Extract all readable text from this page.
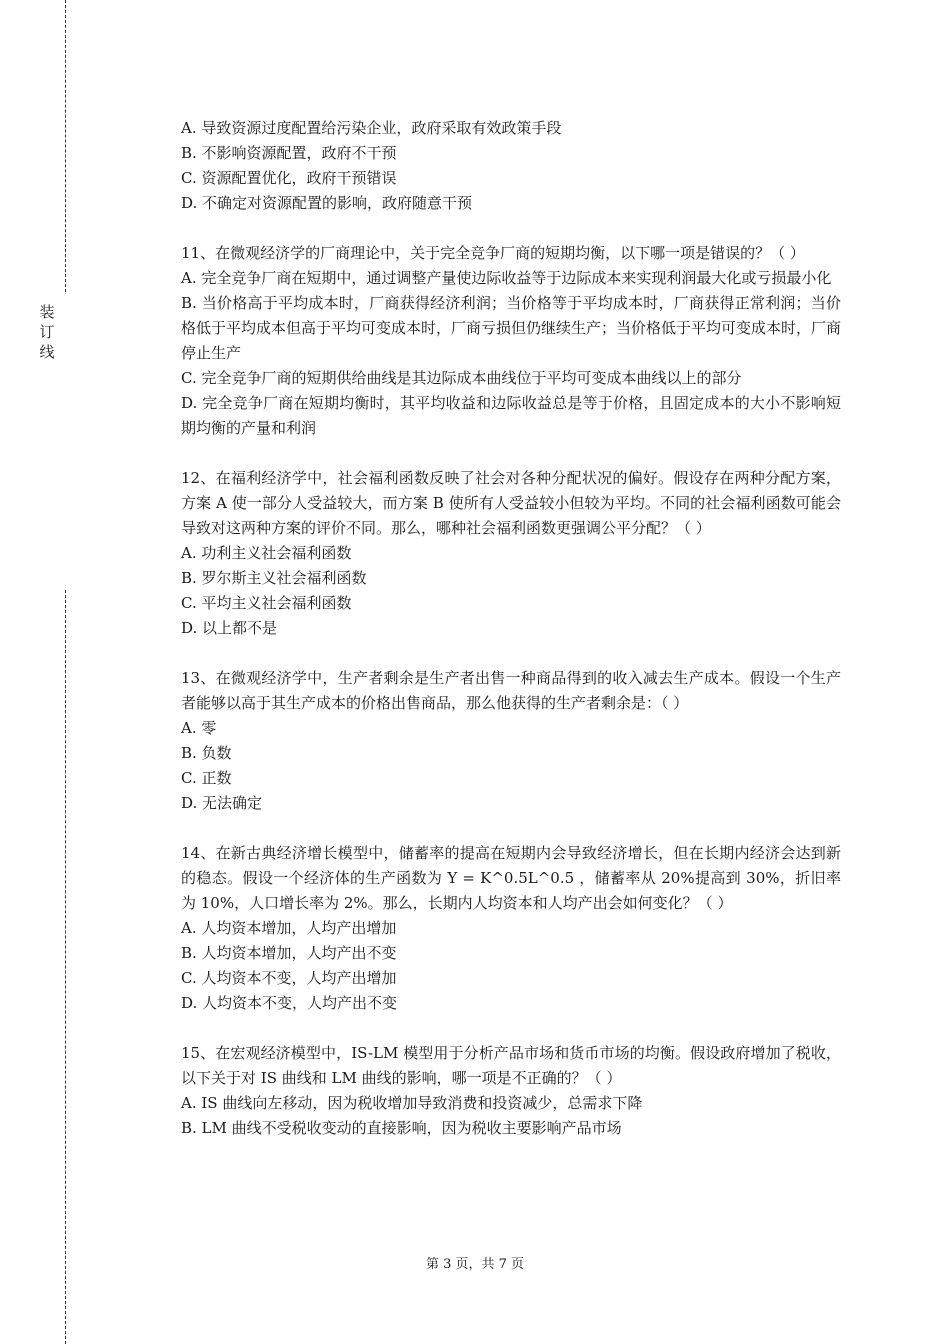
装
订
线

A. 导致资源过度配置给污染企业，政府采取有效政策手段

B. 不影响资源配置，政府不干预

C. 资源配置优化，政府干预错误

D. 不确定对资源配置的影响，政府随意干预

11、在微观经济学的厂商理论中，关于完全竞争厂商的短期均衡，以下哪一项是错误的？（ ）

A. 完全竞争厂商在短期中，通过调整产量使边际收益等于边际成本来实现利润最大化或亏损最小化

B. 当价格高于平均成本时，厂商获得经济利润；当价格等于平均成本时，厂商获得正常利润；当价格低于平均成本但高于平均可变成本时，厂商亏损但仍继续生产；当价格低于平均可变成本时，厂商停止生产

C. 完全竞争厂商的短期供给曲线是其边际成本曲线位于平均可变成本曲线以上的部分

D. 完全竞争厂商在短期均衡时，其平均收益和边际收益总是等于价格，且固定成本的大小不影响短期均衡的产量和利润

12、在福利经济学中，社会福利函数反映了社会对各种分配状况的偏好。假设存在两种分配方案，方案 A 使一部分人受益较大，而方案 B 使所有人受益较小但较为平均。不同的社会福利函数可能会导致对这两种方案的评价不同。那么，哪种社会福利函数更强调公平分配？（ ）

A. 功利主义社会福利函数

B. 罗尔斯主义社会福利函数

C. 平均主义社会福利函数

D. 以上都不是

13、在微观经济学中，生产者剩余是生产者出售一种商品得到的收入减去生产成本。假设一个生产者能够以高于其生产成本的价格出售商品，那么他获得的生产者剩余是：（ ）

A. 零

B. 负数

C. 正数

D. 无法确定

14、在新古典经济增长模型中，储蓄率的提高在短期内会导致经济增长，但在长期内经济会达到新的稳态。假设一个经济体的生产函数为 Y = K^0.5L^0.5 ，储蓄率从 20%提高到 30%，折旧率为 10%，人口增长率为 2%。那么，长期内人均资本和人均产出会如何变化？（ ）

A. 人均资本增加，人均产出增加

B. 人均资本增加，人均产出不变

C. 人均资本不变，人均产出增加

D. 人均资本不变，人均产出不变

15、在宏观经济模型中，IS-LM 模型用于分析产品市场和货币市场的均衡。假设政府增加了税收，以下关于对 IS 曲线和 LM 曲线的影响，哪一项是不正确的？（ ）

A. IS 曲线向左移动，因为税收增加导致消费和投资减少，总需求下降

B. LM 曲线不受税收变动的直接影响，因为税收主要影响产品市场

第 3 页，共 7 页
